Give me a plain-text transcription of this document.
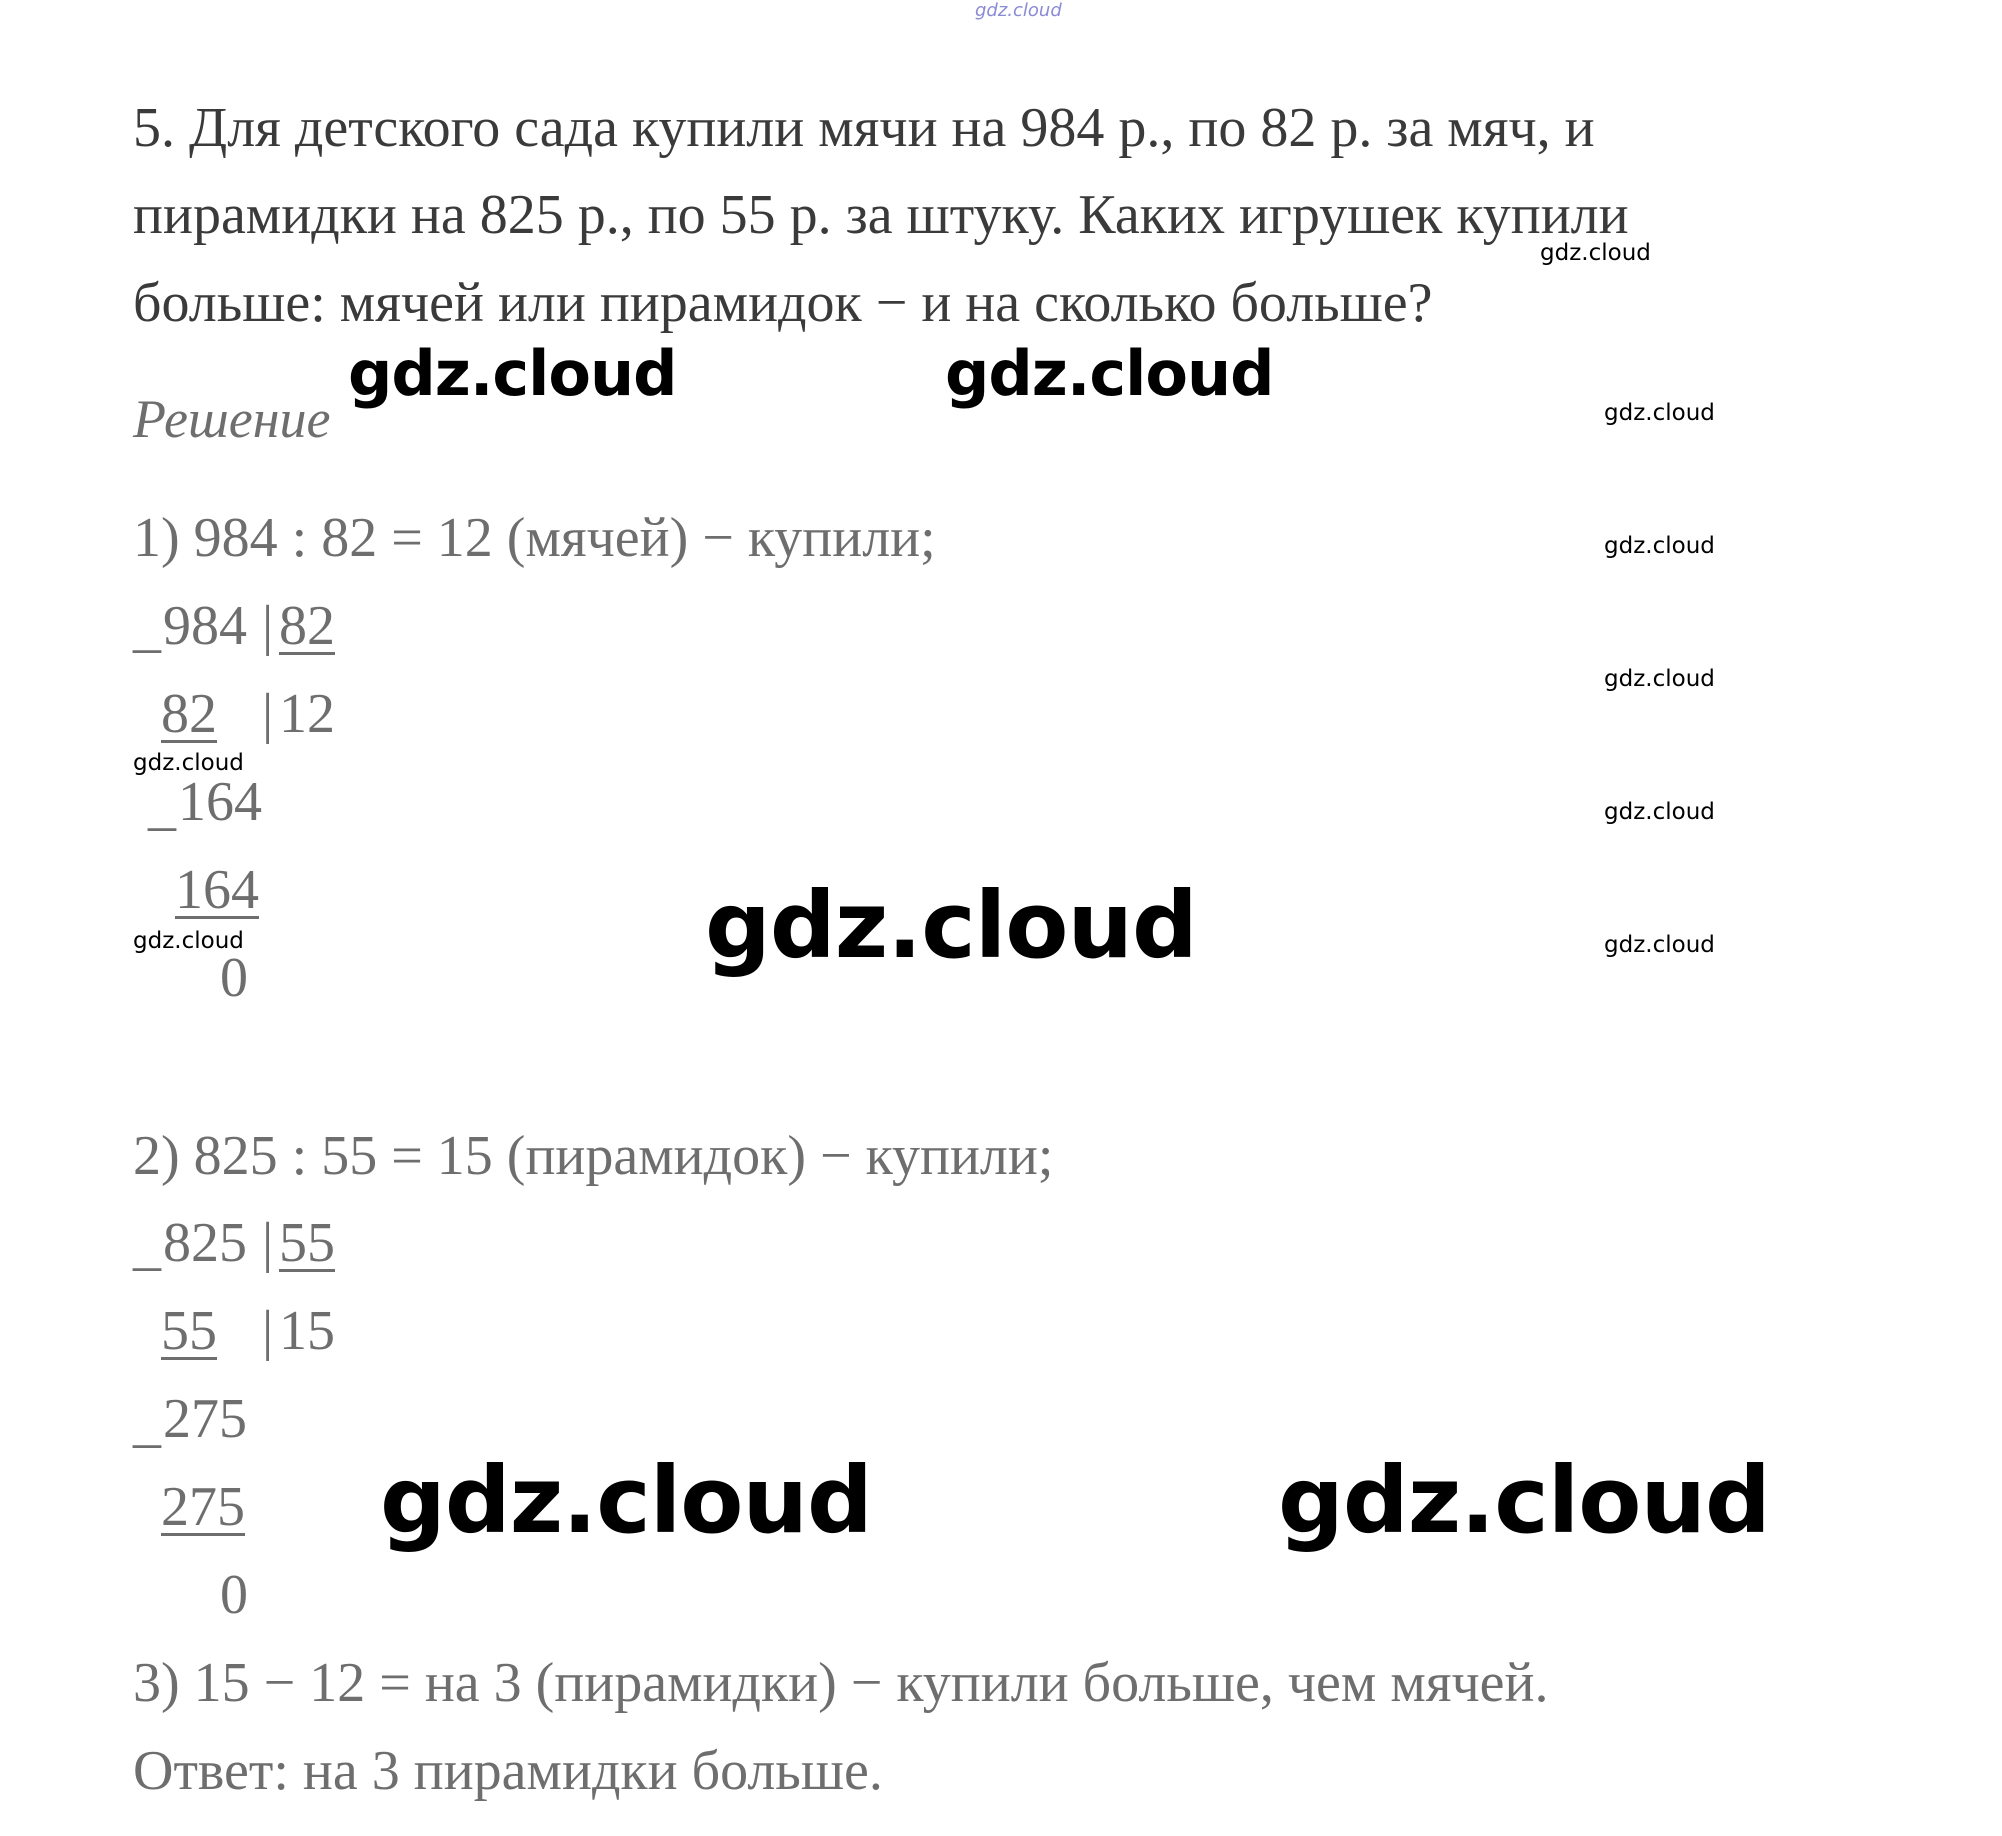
gdz.cloud
5. Для детского сада купили мячи на 984 р., по 82 р. за мяч, и
пирамидки на 825 р., по 55 р. за штуку. Каких игрушек купили
больше: мячей или пирамидок − и на сколько больше?
Решение
1) 984 : 82 = 12 (мячей) − купили;
_ 984 | 82
82 | 12
_ 164
164
0
2) 825 : 55 = 15 (пирамидок) − купили;
_ 825 | 55
55 | 15
_ 275
275
0
3) 15 − 12 = на 3 (пирамидки) − купили больше, чем мячей.
Ответ: на 3 пирамидки больше.
gdz.cloud	gdz.cloud
gdz.cloud
gdz.cloud	gdz.cloud
gdz.cloud
gdz.cloud
gdz.cloud
gdz.cloud
gdz.cloud
gdz.cloud
gdz.cloud
gdz.cloud
